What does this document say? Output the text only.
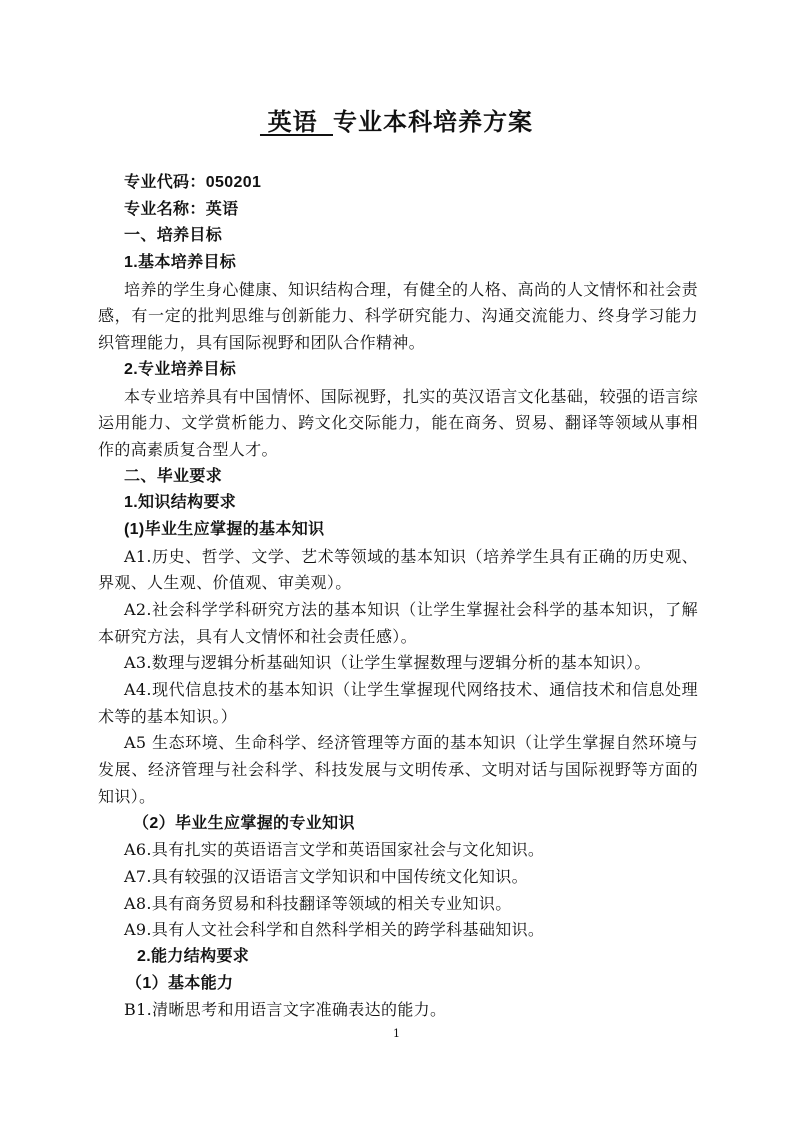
英语  专业本科培养方案
专业代码：050201
专业名称：英语
一、培养目标
1.基本培养目标
培养的学生身心健康、知识结构合理，有健全的人格、高尚的人文情怀和社会责
感，有一定的批判思维与创新能力、科学研究能力、沟通交流能力、终身学习能力
织管理能力，具有国际视野和团队合作精神。
2.专业培养目标
本专业培养具有中国情怀、国际视野，扎实的英汉语言文化基础，较强的语言综
运用能力、文学赏析能力、跨文化交际能力，能在商务、贸易、翻译等领域从事相
作的高素质复合型人才。
二、毕业要求
1.知识结构要求
(1)毕业生应掌握的基本知识
A1.历史、哲学、文学、艺术等领域的基本知识（培养学生具有正确的历史观、
界观、人生观、价值观、审美观）。
A2.社会科学学科研究方法的基本知识（让学生掌握社会科学的基本知识，了解
本研究方法，具有人文情怀和社会责任感）。
A3.数理与逻辑分析基础知识（让学生掌握数理与逻辑分析的基本知识）。
A4.现代信息技术的基本知识（让学生掌握现代网络技术、通信技术和信息处理
术等的基本知识。）
A5 生态环境、生命科学、经济管理等方面的基本知识（让学生掌握自然环境与
发展、经济管理与社会科学、科技发展与文明传承、文明对话与国际视野等方面的
知识）。
（2）毕业生应掌握的专业知识
A6.具有扎实的英语语言文学和英语国家社会与文化知识。
A7.具有较强的汉语语言文学知识和中国传统文化知识。
A8.具有商务贸易和科技翻译等领域的相关专业知识。
A9.具有人文社会科学和自然科学相关的跨学科基础知识。
2.能力结构要求
（1）基本能力
B1.清晰思考和用语言文字准确表达的能力。
1
